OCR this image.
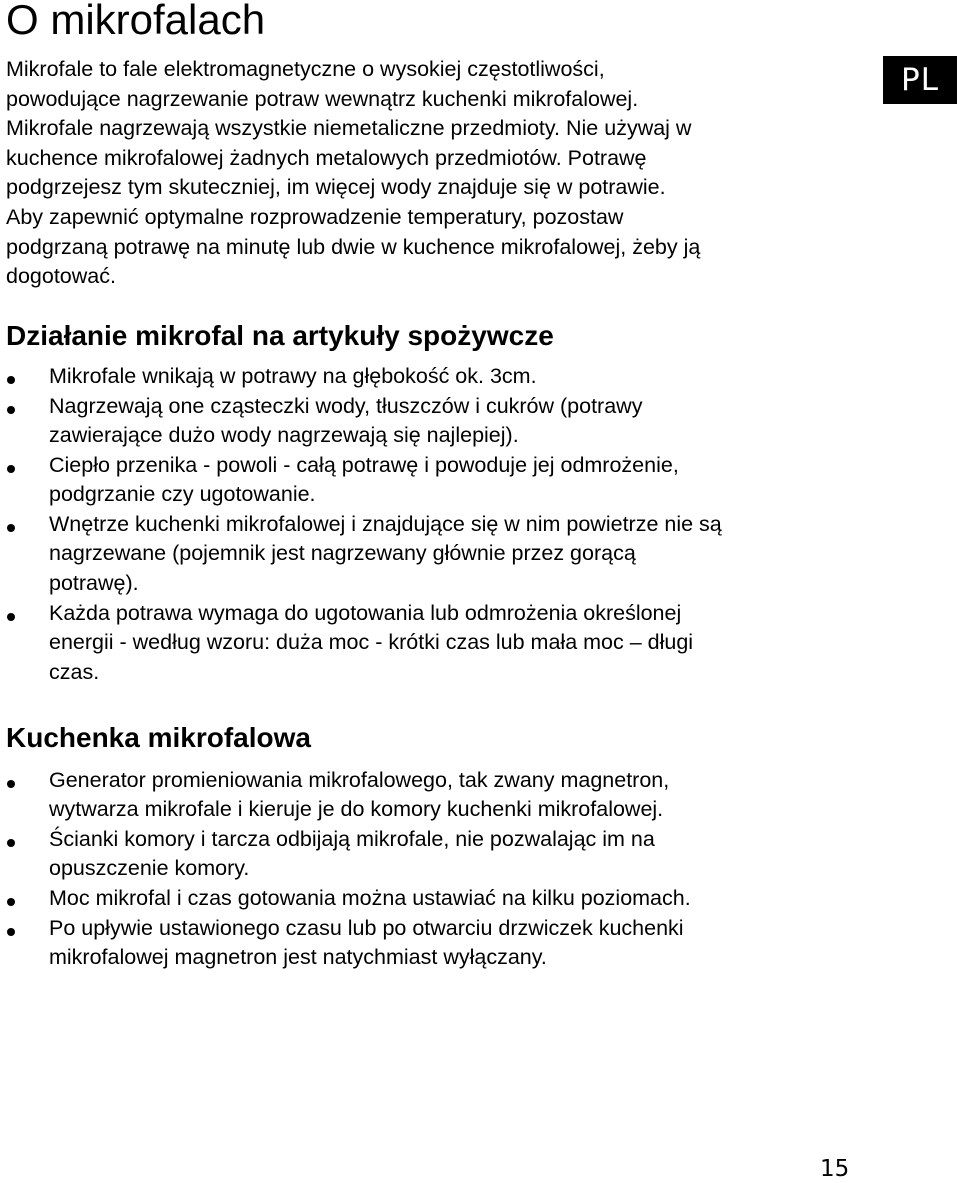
O mikrofalach
PL

Mikrofale to fale elektromagnetyczne o wysokiej częstotliwości,
powodujące nagrzewanie potraw wewnątrz kuchenki mikrofalowej.
Mikrofale nagrzewają wszystkie niemetaliczne przedmioty. Nie używaj w
kuchence mikrofalowej żadnych metalowych przedmiotów. Potrawę
podgrzejesz tym skuteczniej, im więcej wody znajduje się w potrawie.
Aby zapewnić optymalne rozprowadzenie temperatury, pozostaw
podgrzaną potrawę na minutę lub dwie w kuchence mikrofalowej, żeby ją
dogotować.

Działanie mikrofal na artykuły spożywcze
Mikrofale wnikają w potrawy na głębokość ok. 3cm.
Nagrzewają one cząsteczki wody, tłuszczów i cukrów (potrawy
zawierające dużo wody nagrzewają się najlepiej).
Ciepło przenika - powoli - całą potrawę i powoduje jej odmrożenie,
podgrzanie czy ugotowanie.
Wnętrze kuchenki mikrofalowej i znajdujące się w nim powietrze nie są
nagrzewane (pojemnik jest nagrzewany głównie przez gorącą
potrawę).
Każda potrawa wymaga do ugotowania lub odmrożenia określonej
energii - według wzoru: duża moc - krótki czas lub mała moc – długi
czas.
Kuchenka mikrofalowa
Generator promieniowania mikrofalowego, tak zwany magnetron,
wytwarza mikrofale i kieruje je do komory kuchenki mikrofalowej.
Ścianki komory i tarcza odbijają mikrofale, nie pozwalając im na
opuszczenie komory.
Moc mikrofal i czas gotowania można ustawiać na kilku poziomach.
Po upływie ustawionego czasu lub po otwarciu drzwiczek kuchenki
mikrofalowej magnetron jest natychmiast wyłączany.
15
